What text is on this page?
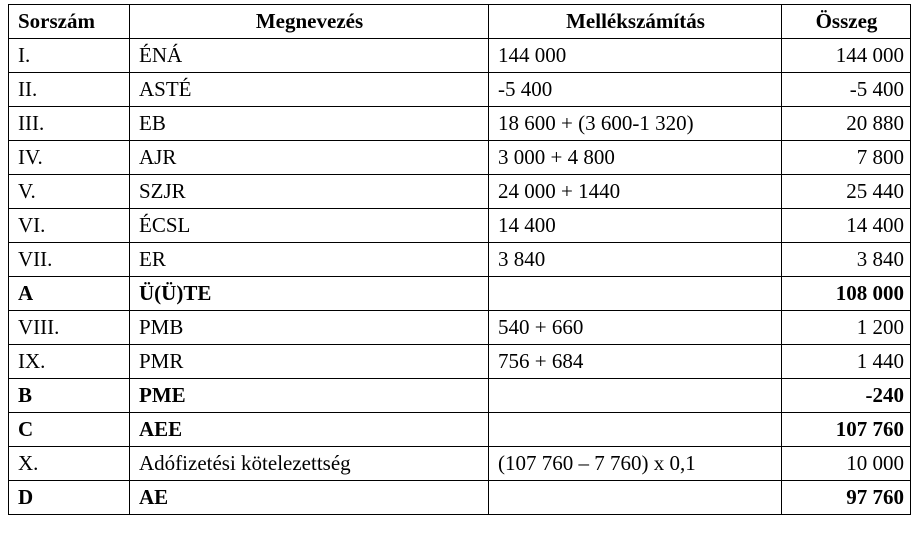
Sorszám	Megnevezés	Mellékszámítás	Összeg
I.	ÉNÁ	144 000	144 000
II.	ASTÉ	-5 400	-5 400
III.	EB	18 600 + (3 600-1 320)	20 880
IV.	AJR	3 000 + 4 800	7 800
V.	SZJR	24 000 + 1440	25 440
VI.	ÉCSL	14 400	14 400
VII.	ER	3 840	3 840
A	Ü(Ü)TE		108 000
VIII.	PMB	540 + 660	1 200
IX.	PMR	756 + 684	1 440
B	PME		-240
C	AEE		107 760
X.	Adófizetési kötelezettség	(107 760 – 7 760) x 0,1	10 000
D	AE		97 760
